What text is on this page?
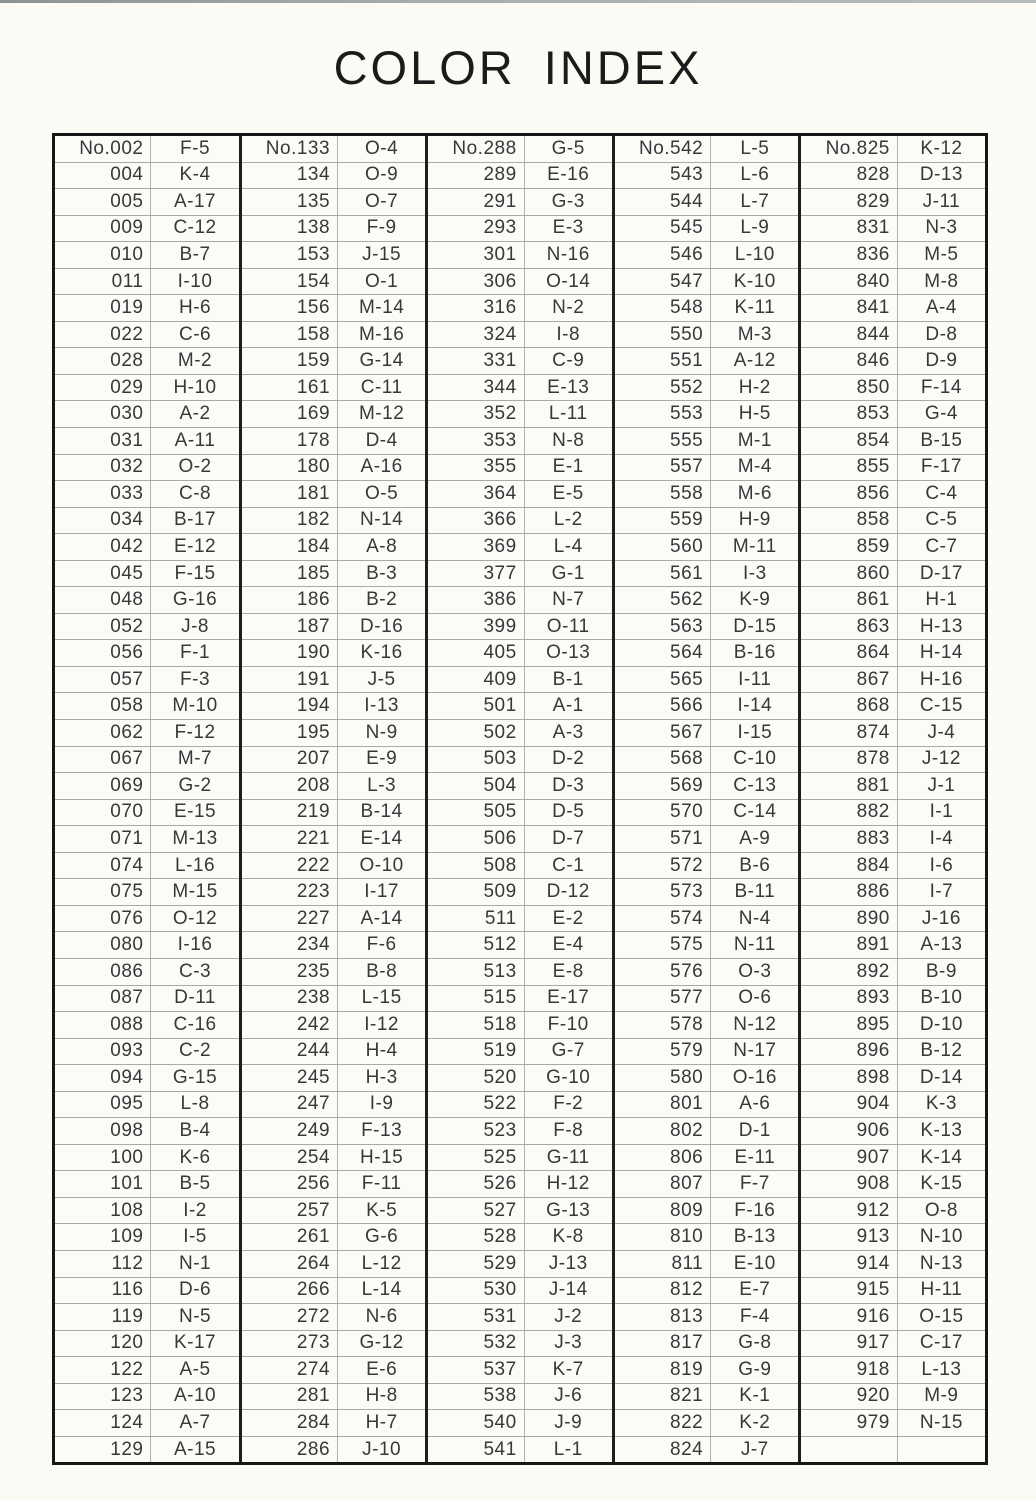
COLOR INDEX
No.002	F-5
004	K-4
005	A-17
009	C-12
010	B-7
011	I-10
019	H-6
022	C-6
028	M-2
029	H-10
030	A-2
031	A-11
032	O-2
033	C-8
034	B-17
042	E-12
045	F-15
048	G-16
052	J-8
056	F-1
057	F-3
058	M-10
062	F-12
067	M-7
069	G-2
070	E-15
071	M-13
074	L-16
075	M-15
076	O-12
080	I-16
086	C-3
087	D-11
088	C-16
093	C-2
094	G-15
095	L-8
098	B-4
100	K-6
101	B-5
108	I-2
109	I-5
112	N-1
116	D-6
119	N-5
120	K-17
122	A-5
123	A-10
124	A-7
129	A-15
No.133	O-4
134	O-9
135	O-7
138	F-9
153	J-15
154	O-1
156	M-14
158	M-16
159	G-14
161	C-11
169	M-12
178	D-4
180	A-16
181	O-5
182	N-14
184	A-8
185	B-3
186	B-2
187	D-16
190	K-16
191	J-5
194	I-13
195	N-9
207	E-9
208	L-3
219	B-14
221	E-14
222	O-10
223	I-17
227	A-14
234	F-6
235	B-8
238	L-15
242	I-12
244	H-4
245	H-3
247	I-9
249	F-13
254	H-15
256	F-11
257	K-5
261	G-6
264	L-12
266	L-14
272	N-6
273	G-12
274	E-6
281	H-8
284	H-7
286	J-10
No.288	G-5
289	E-16
291	G-3
293	E-3
301	N-16
306	O-14
316	N-2
324	I-8
331	C-9
344	E-13
352	L-11
353	N-8
355	E-1
364	E-5
366	L-2
369	L-4
377	G-1
386	N-7
399	O-11
405	O-13
409	B-1
501	A-1
502	A-3
503	D-2
504	D-3
505	D-5
506	D-7
508	C-1
509	D-12
511	E-2
512	E-4
513	E-8
515	E-17
518	F-10
519	G-7
520	G-10
522	F-2
523	F-8
525	G-11
526	H-12
527	G-13
528	K-8
529	J-13
530	J-14
531	J-2
532	J-3
537	K-7
538	J-6
540	J-9
541	L-1
No.542	L-5
543	L-6
544	L-7
545	L-9
546	L-10
547	K-10
548	K-11
550	M-3
551	A-12
552	H-2
553	H-5
555	M-1
557	M-4
558	M-6
559	H-9
560	M-11
561	I-3
562	K-9
563	D-15
564	B-16
565	I-11
566	I-14
567	I-15
568	C-10
569	C-13
570	C-14
571	A-9
572	B-6
573	B-11
574	N-4
575	N-11
576	O-3
577	O-6
578	N-12
579	N-17
580	O-16
801	A-6
802	D-1
806	E-11
807	F-7
809	F-16
810	B-13
811	E-10
812	E-7
813	F-4
817	G-8
819	G-9
821	K-1
822	K-2
824	J-7
No.825	K-12
828	D-13
829	J-11
831	N-3
836	M-5
840	M-8
841	A-4
844	D-8
846	D-9
850	F-14
853	G-4
854	B-15
855	F-17
856	C-4
858	C-5
859	C-7
860	D-17
861	H-1
863	H-13
864	H-14
867	H-16
868	C-15
874	J-4
878	J-12
881	J-1
882	I-1
883	I-4
884	I-6
886	I-7
890	J-16
891	A-13
892	B-9
893	B-10
895	D-10
896	B-12
898	D-14
904	K-3
906	K-13
907	K-14
908	K-15
912	O-8
913	N-10
914	N-13
915	H-11
916	O-15
917	C-17
918	L-13
920	M-9
979	N-15
